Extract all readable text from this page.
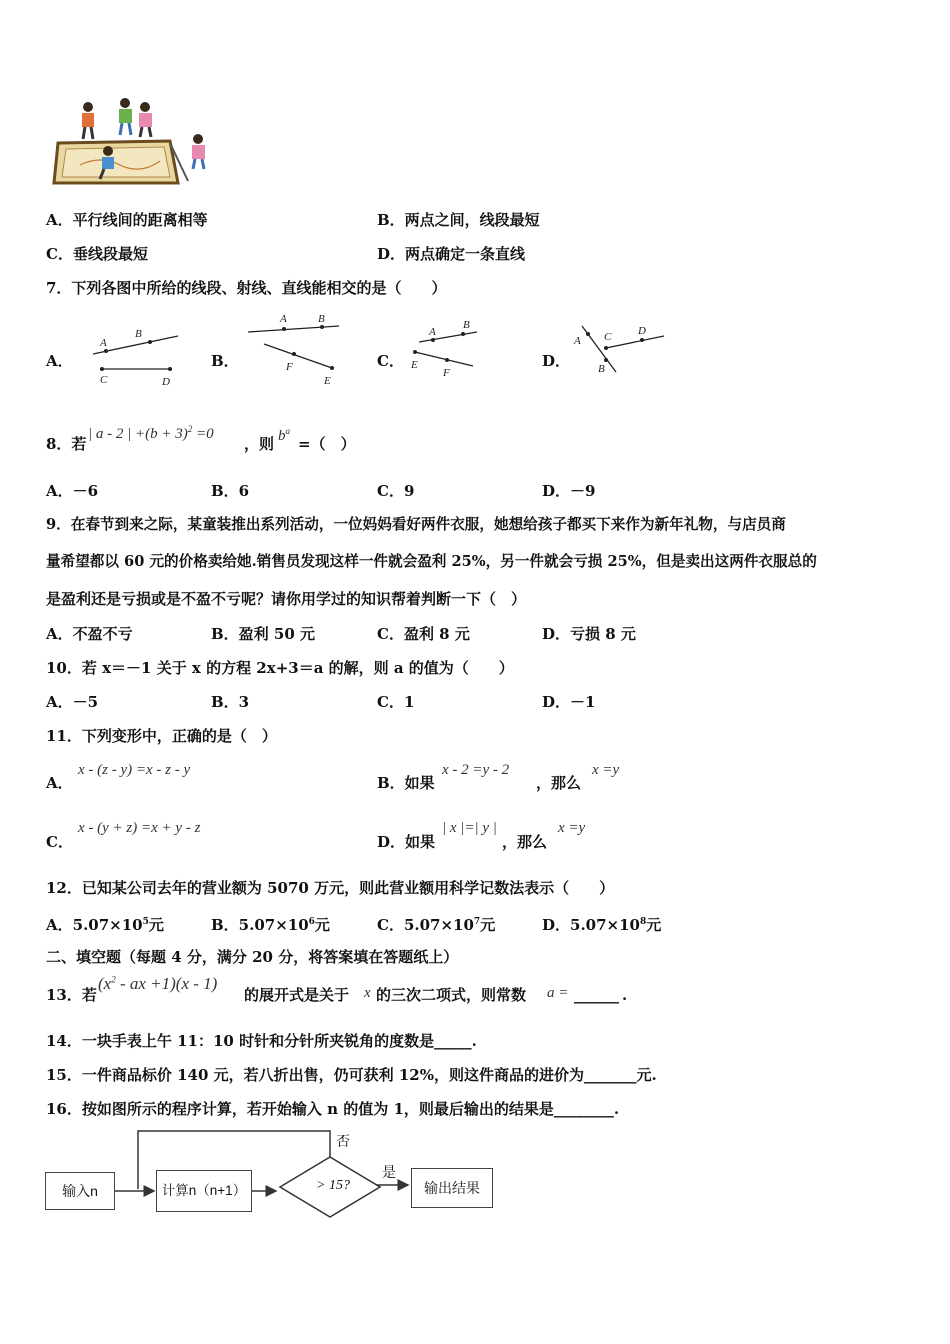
A．平行线间的距离相等	B．两点之间，线段最短
C．垂线段最短	D．两点确定一条直线
7．下列各图中所给的线段、射线、直线能相交的是（　　）
A．
A
B
C	D
B．
A	B
F
E
C．
A
B
E
F
D．
A C D
B
8．若
| a - 2 | $+(b + 3)^2 =0$
，则 $b^a$
=（　）
A．－6	B．6	C．9	D．－9
9．在春节到来之际，某童装推出系列活动，一位妈妈看好两件衣服，她想给孩子都买下来作为新年礼物，与店员商
量希望都以 60 元的价格卖给她.销售员发现这样一件就会盈利 25%，另一件就会亏损 25%，但是卖出这两件衣服总的
是盈利还是亏损或是不盈不亏呢？请你用学过的知识帮着判断一下（　）
A．不盈不亏	B．盈利 50 元	C．盈利 8 元	D．亏损 8 元
10．若 x＝－1 关于 x 的方程 2x+3＝a 的解，则 a 的值为（　　）
A．－5	B．3	C．1	D．－1
11．下列变形中，正确的是（　）
A．
x - (z - y) =x - z - y
B．如果
x - 2 =y - 2
，那么
x =y
C．
x - (y + z) =x + y - z
D．如果
| x |=| y |
，那么
x =y
12．已知某公司去年的营业额为 5070 万元，则此营业额用科学记数法表示（　　）
A．$5.07\times 10^5$元	B．$5.07\times 10^6$元	C．$5.07\times 10^7$元	D．$5.07\times 10^8$元
二、填空题（每题 4 分，满分 20 分，将答案填在答题纸上）
13．若
($x^2$ - ax +1)(x - 1)
的展开式是关于 x 的三次二项式，则常数 a = ______ .
14．一块手表上午 11：10 时针和分针所夹锐角的度数是_____.
15．一件商品标价 140 元，若八折出售，仍可获利 12%，则这件商品的进价为_______元.
16．按如图所示的程序计算，若开始输入 n 的值为 1，则最后输出的结果是________.
输入n	计算n（n+1）	> 15?
否
是
输出结果
